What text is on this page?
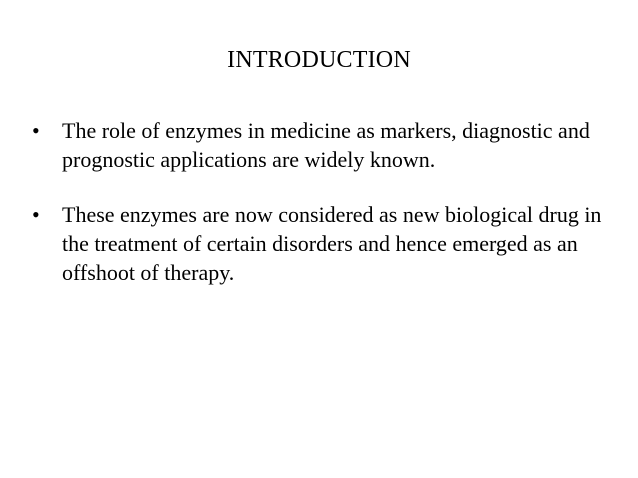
INTRODUCTION
• The role of enzymes in medicine as markers, diagnostic and prognostic applications are widely known.
• These enzymes are now considered as new biological drug in the treatment of certain disorders and hence emerged as an offshoot of therapy.
